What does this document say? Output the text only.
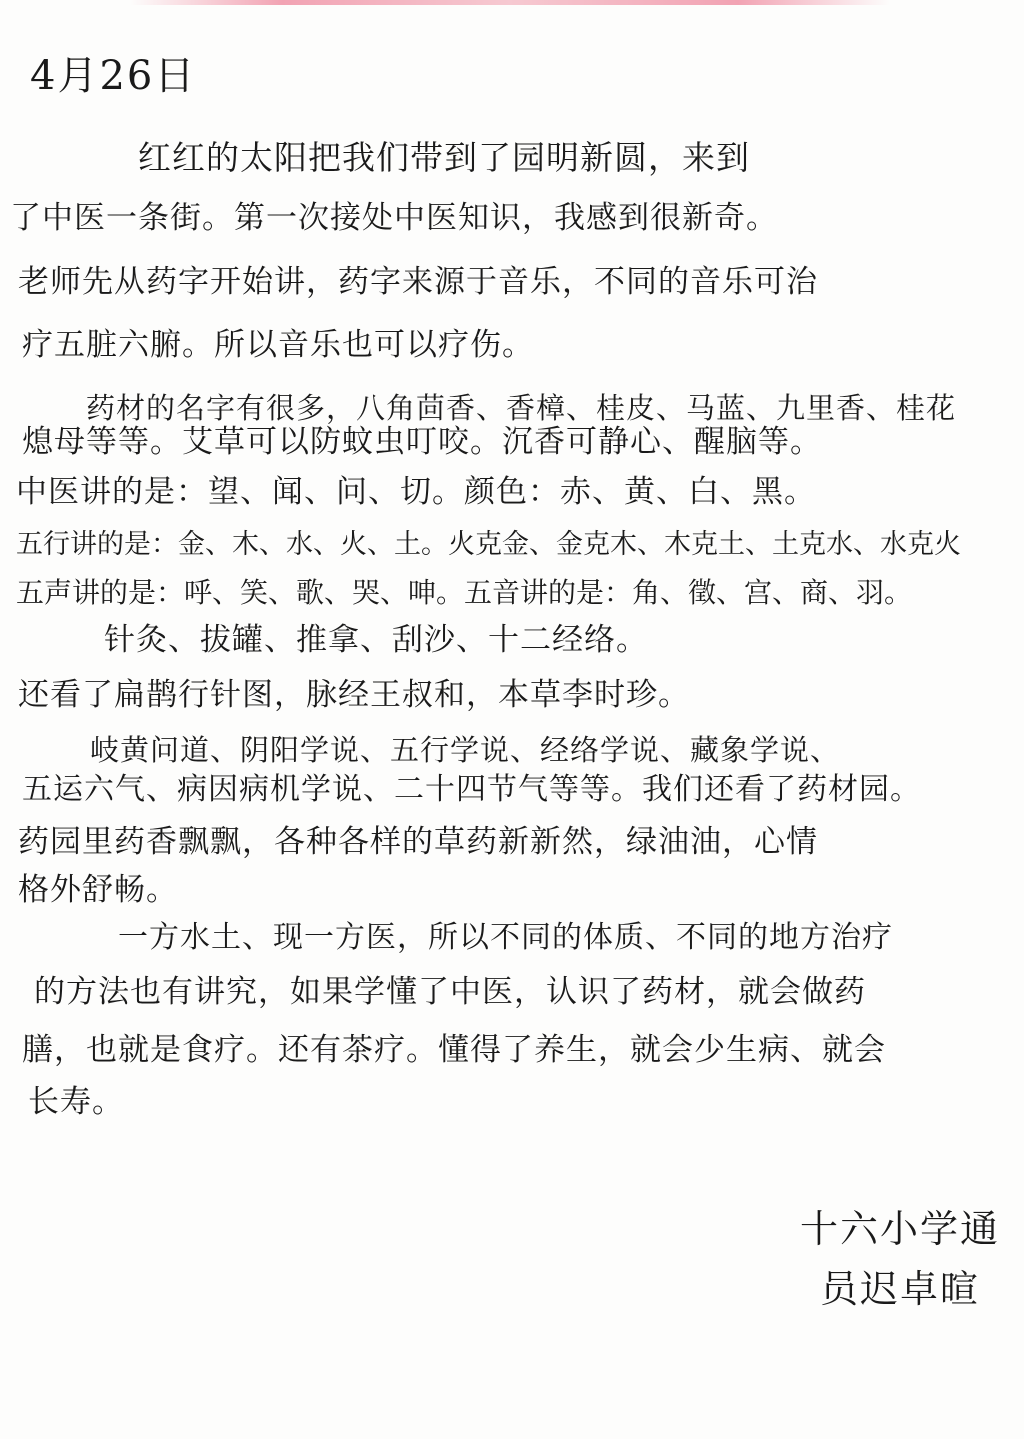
4月26日
红红的太阳把我们带到了园明新圆，来到
了中医一条街。第一次接处中医知识，我感到很新奇。
老师先从药字开始讲，药字来源于音乐，不同的音乐可治
疗五脏六腑。所以音乐也可以疗伤。
药材的名字有很多，八角茴香、香樟、桂皮、马蓝、九里香、桂花
熄母等等。艾草可以防蚊虫叮咬。沉香可静心、醒脑等。
中医讲的是：望、闻、问、切。颜色：赤、黄、白、黑。
五行讲的是：金、木、水、火、土。火克金、金克木、木克土、土克水、水克火
五声讲的是：呼、笑、歌、哭、呻。五音讲的是：角、徵、宫、商、羽。
针灸、拔罐、推拿、刮沙、十二经络。
还看了扁鹊行针图，脉经王叔和，本草李时珍。
岐黄问道、阴阳学说、五行学说、经络学说、藏象学说、
五运六气、病因病机学说、二十四节气等等。我们还看了药材园。
药园里药香飘飘，各种各样的草药新新然，绿油油，心情
格外舒畅。
一方水土、现一方医，所以不同的体质、不同的地方治疗
的方法也有讲究，如果学懂了中医，认识了药材，就会做药
膳，也就是食疗。还有茶疗。懂得了养生，就会少生病、就会
长寿。
十六小学通
员迟卓暄
